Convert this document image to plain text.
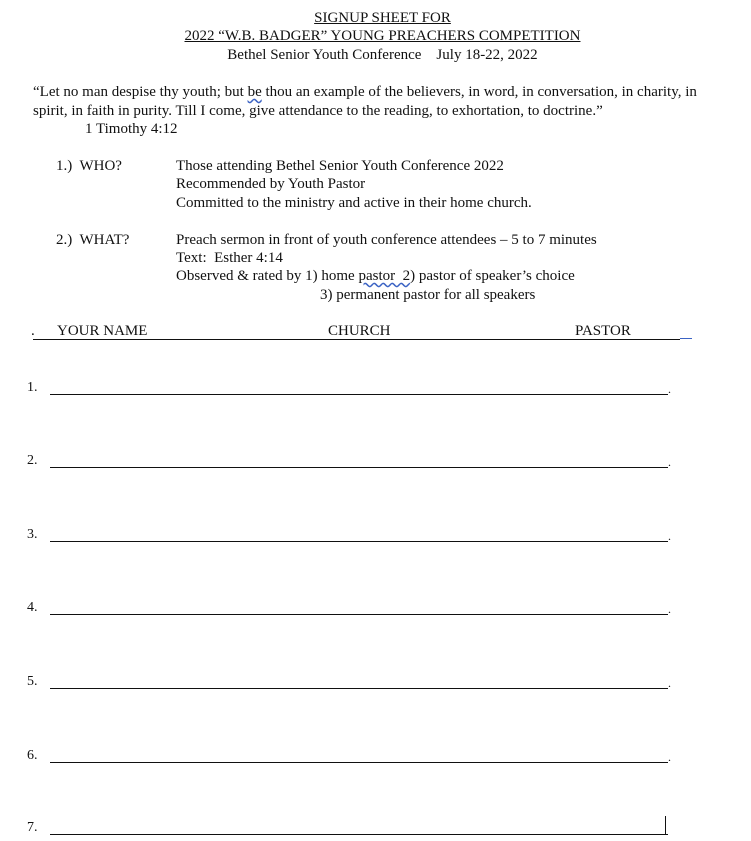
SIGNUP SHEET FOR
2022 “W.B. BADGER” YOUNG PREACHERS COMPETITION
Bethel Senior Youth Conference    July 18-22, 2022
“Let no man despise thy youth; but be thou an example of the believers, in word, in conversation, in charity, in spirit, in faith in purity. Till I come, give attendance to the reading, to exhortation, to doctrine.”
1 Timothy 4:12
1.)  WHO?	Those attending Bethel Senior Youth Conference 2022
Recommended by Youth Pastor
Committed to the ministry and active in their home church.
2.)  WHAT?	Preach sermon in front of youth conference attendees – 5 to 7 minutes
Text:  Esther 4:14
Observed & rated by 1) home pastor  2) pastor of speaker’s choice
3) permanent pastor for all speakers
. YOUR NAME	CHURCH	PASTOR
1.	.
2.	.
3.	.
4.	.
5.	.
6.	.
7.
